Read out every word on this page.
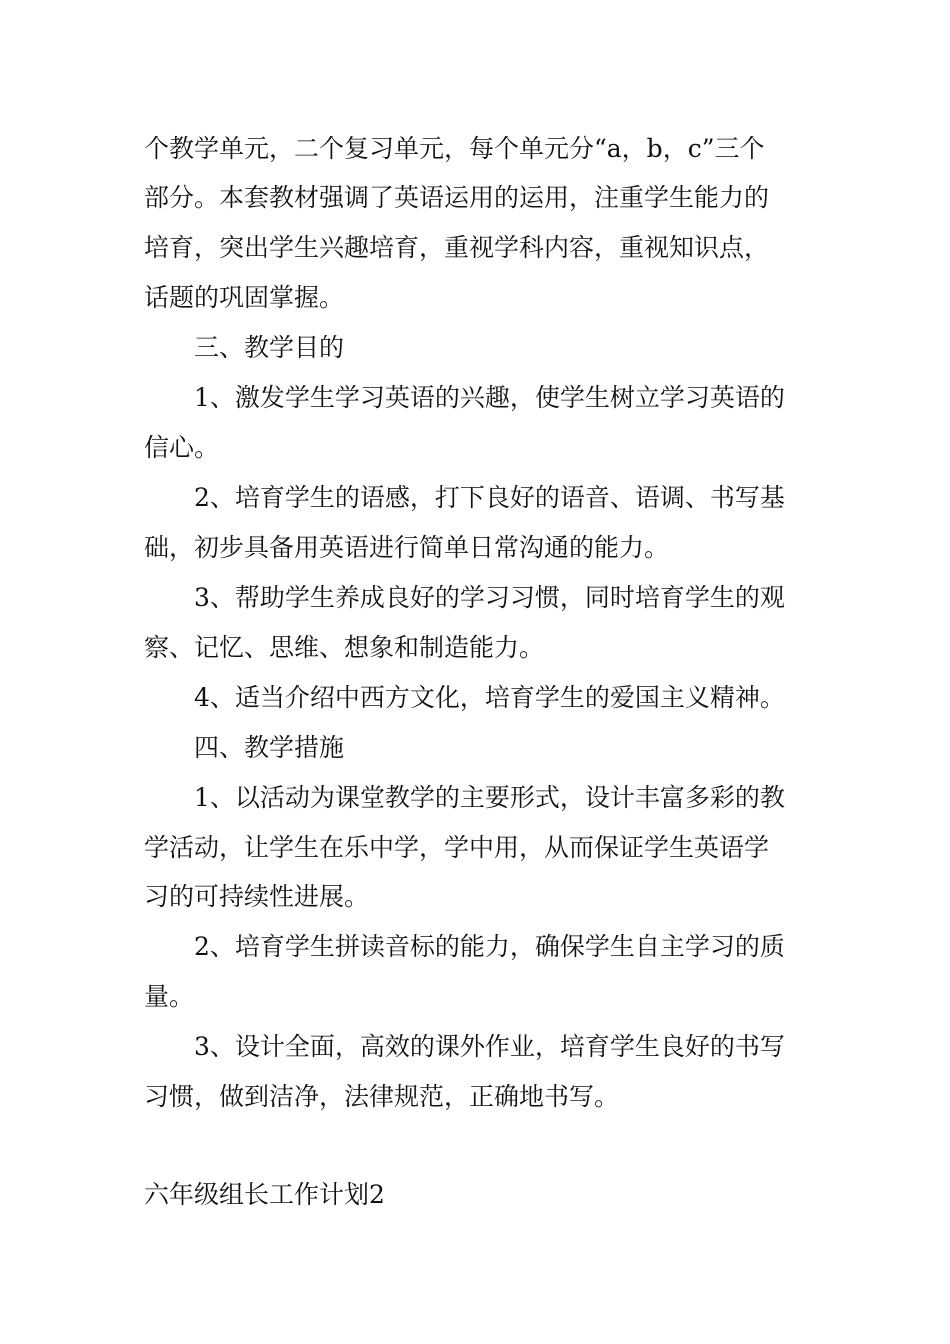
个教学单元，二个复习单元，每个单元分“a，b，c”三个
部分。本套教材强调了英语运用的运用，注重学生能力的
培育，突出学生兴趣培育，重视学科内容，重视知识点，
话题的巩固掌握。
三、教学目的
1、激发学生学习英语的兴趣，使学生树立学习英语的
信心。
2、培育学生的语感，打下良好的语音、语调、书写基
础，初步具备用英语进行简单日常沟通的能力。
3、帮助学生养成良好的学习习惯，同时培育学生的观
察、记忆、思维、想象和制造能力。
4、适当介绍中西方文化，培育学生的爱国主义精神。
四、教学措施
1、以活动为课堂教学的主要形式，设计丰富多彩的教
学活动，让学生在乐中学，学中用，从而保证学生英语学
习的可持续性进展。
2、培育学生拼读音标的能力，确保学生自主学习的质
量。
3、设计全面，高效的课外作业，培育学生良好的书写
习惯，做到洁净，法律规范，正确地书写。
六年级组长工作计划2
